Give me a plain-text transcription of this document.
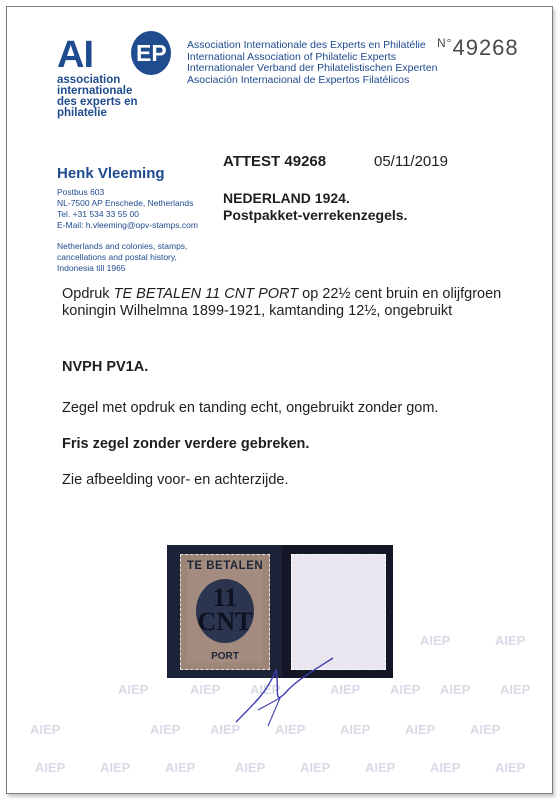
AI EP
association
internationale
des experts en philatelie
Association Internationale des Experts en Philatélie
International Association of Philatelic Experts
Internationaler Verband der Philatelistischen Experten
Asociación Internacional de Expertos Filatélicos
$^{N^\circ}$49268
Henk Vleeming
Postbus 603
NL-7500 AP Enschede, Netherlands
Tel. +31 534 33 55 00
E-Mail: h.vleeming@opv-stamps.com
Netherlands and colonies, stamps,
cancellations and postal history,
Indonesia till 1965
ATTEST 49268	05/11/2019
NEDERLAND 1924.
Postpakket-verrekenzegels.
Opdruk TE BETALEN 11 CNT PORT op 22½ cent bruin en olijfgroen koningin Wilhelmna 1899-1921, kamtanding 12½, ongebruikt
NVPH PV1A.
Zegel met opdruk en tanding echt, ongebruikt zonder gom.
Fris zegel zonder verdere gebreken.
Zie afbeelding voor- en achterzijde.
AIEP	AIEP
AIEP	AIEP AIEP	AIEP AIEP AIEP AIEP
AIEP	AIEP AIEP	AIEP	AIEP	AIEP	AIEP
AIEP	AIEP	AIEP	AIEP	AIEP	AIEP	AIEP	AIEP
TE BETALEN
11
CNT
PORT
